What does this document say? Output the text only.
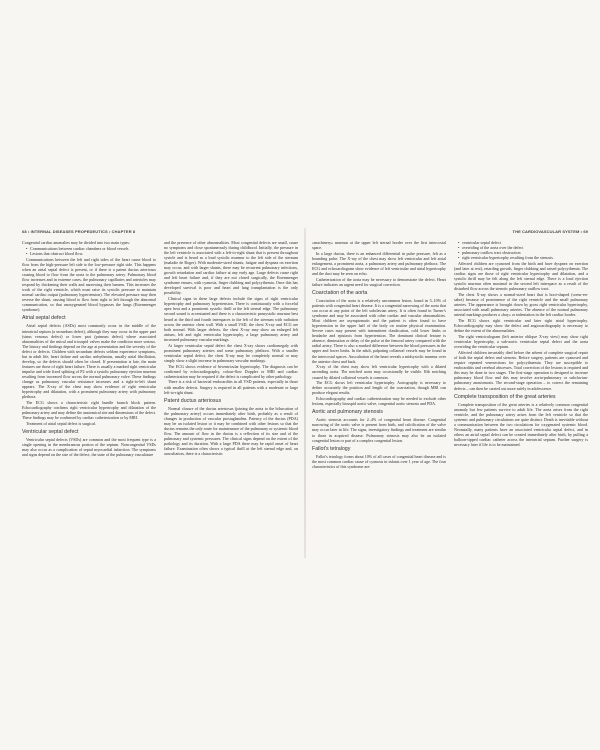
68 • INTERNAL DISEASES PROPEDEUTICS • CHAPTER 8

Congenital cardiac anomalies may be divided into two main types:

• Communications between cardiac chambers or blood vessels
• Lesions that obstruct blood flow.

Communications between the left and right sides of the heart cause blood to flow from the high-pressure left side to the low-pressure right side. This happens when an atrial septal defect is present, or if there is a patent ductus arteriosus causing blood to flow from the aorta to the pulmonary artery. Pulmonary blood flow increases and in extreme cases, the pulmonary capillaries and arterioles may respond by thickening their walls and narrowing their lumens. This increases the work of the right ventricle, which must raise its systolic pressure to maintain normal cardiac output (pulmonary hypertension). The elevated pressure may then reverse the shunt, causing blood to flow from right to left through the abnormal communication, so that unoxygenated blood bypasses the lungs (Eisenmenger syndrome).

Atrial septal defect

Atrial septal defects (ASDs) most commonly occur in the middle of the interatrial septum (a secundum defect), although they may occur in the upper part (sinus venosus defect) or lower part (primum defect) where associated abnormalities of the mitral and tricuspid valves make the condition more serious. The history and findings depend on the age at presentation and the severity of the defect or defects. Children with secundum defects seldom experience symptoms, but in adult life, heart failure and cardiac arrhythmias, usually atrial fibrillation, develop, so the defects should often be closed. If presentation is late, the main features are those of right heart failure. There is usually a marked right ventricular impulse and wide fixed splitting of P2 with a systolic pulmonary ejection murmur resulting from increased flow across the normal pulmonary valve. These findings change as pulmonary vascular resistance increases and a right-to-left shunt appears. The X-ray of the chest may show evidence of right ventricular hypertrophy and dilatation, with a prominent pulmonary artery with pulmonary plethora.

The ECG shows a characteristic right bundle branch block pattern. Echocardiography confirms right ventricular hypertrophy and dilatation of the pulmonary artery and may define the anatomical site and dimensions of the defect. These findings may be confirmed by cardiac catheterization or by MRI.

Treatment of atrial septal defect is surgical.

Ventricular septal defect

Ventricular septal defects (VSDs) are common and the most frequent type is a single opening in the membranous portion of the septum. Noncongenital VSDs may also occur as a complication of septal myocardial infarction. The symptoms and signs depend on the size of the defect, the state of the pulmonary vasculature

and the presence of other abnormalities. Most congenital defects are small, cause no symptoms and close spontaneously during childhood. Initially, the pressure in the left ventricle is associated with a left-to-right shunt that is present throughout systole and is heard as a loud systolic murmur to the left side of the sternum (maladie de Roger). With moderate-sized shunts, fatigue and dyspnea on exertion may occur, and with larger shunts, there may be recurrent pulmonary infections, growth retardation and cardiac failure at any early age. Large defects cause right and left heart failure and, if they are not closed surgically, the Eisenmenger syndrome ensues, with cyanosis, finger clubbing and polycythemia. Once this has developed survival is poor and heart and lung transplantation is the only possibility.

Clinical signs in these large defects include the signs of right ventricular hypertrophy and pulmonary hypertension. There is continuously with a forceful apex beat and a prominent systolic thrill at the left sternal edge. The pulmonary second sound is accentuated and there is a characteristic pansystolic murmur best heard at the third and fourth interspaces to the left of the sternum with radiation across the anterior chest wall. With a small VSD, the chest X-ray and ECG are both normal. With larger defects, the chest X-ray may show an enlarged left atrium, left and right ventricular hypertrophy, a large pulmonary artery and increased pulmonary vascular markings.

At larger ventricular septal defect the chest X-ray shows cardiomegaly with prominent pulmonary arteries and some pulmonary plethora. With a smaller ventricular septal defect, the chest X-ray may be completely normal or may simply show a slight increase in pulmonary vascular markings.

The ECG shows evidence of biventricular hypertrophy. The diagnosis can be confirmed by echocardiography, colour-flow Doppler or MRI and cardiac catheterization may be required if the defect is complicated by other pathology.

There is a risk of bacterial endocarditis in all VSD patients, especially in those with smaller defects. Surgery is required in all patients with a moderate or large left-to-right shunt.

Patent ductus arteriosus

Normal closure of the ductus arteriosus (joining the aorta to the bifurcation of the pulmonary artery) occurs immediately after birth, probably as a result of changes in production of vascular prostaglandins. Patency of the ductus (PDA) may be an isolated lesion or it may be combined with other lesions so that the ductus remains the only route for maintenance of the pulmonary or systemic blood flow. The amount of flow in the ductus is a reflection of its size and of the pulmonary and systemic pressures. The clinical signs depend on the extent of the pathology and its duration. With a large PDA there may be rapid onset of heart failure. Examination often shows a typical thrill at the left sternal edge and, on auscultation, there is a characteristic

THE CARDIOVASCULAR SYSTEM • 69

«machinery» murmur at the upper left sternal border over the first intercostal space.

In a large ductus, there is an enhanced differential in pulse pressure, felt as a bounding pulse. The X-ray of the chest may show left ventricular and left atrial enlargement, a prominent aorta, a pulmonary artery and pulmonary plethora. The ECG and echocardiogram show evidence of left ventricular and atrial hypertrophy and the duct may be seen on echo.

Catheterization of the aorta may be necessary to demonstrate the defect. Heart failure indicates an urgent need for surgical correction.

Coarctation of the aorta

Coarctation of the aorta is a relatively uncommon lesion, found in 5–10% of patients with congenital heart disease. It is a congenital narrowing of the aorta that can occur at any point of the left subclavian artery. It is often found in Turner's syndrome and may be associated with other cardiac and vascular abnormalities. Most children are asymptomatic and the patient is often found to have hypertension in the upper half of the body on routine physical examination. Severe cases may present with intermittent claudication, cold lower limbs or headache and epistaxis from hypertension. The dominant clinical feature is absence, diminution or delay of the pulse at the femoral artery compared with the radial artery. There is also a marked difference between the blood pressures in the upper and lower limbs. In the adult, palpating collateral vessels may be found in the intercostal spaces. Auscultation of the heart reveals a midsystolic murmur over the anterior chest and back.

X-ray of the chest may show left ventricular hypertrophy with a dilated ascending aorta. The notched aorta may occasionally be visible. Rib notching caused by dilated collateral vessels is common.

The ECG shows left ventricular hypertrophy. Aortography is necessary to define accurately the position and length of the coarctation, though MRI can produce elegant results.

Echocardiography and cardiac catheterization may be needed to exclude other lesions, especially bicuspid aortic valve, congenital aortic stenosis and PDA.

Aortic and pulmonary stenosis

Aortic stenosis accounts for 2–4% of congenital heart disease. Congenital narrowing of the aortic valve is present from birth, and calcification of the valve may occur later in life. The signs, investigatory findings and treatment are similar to those in acquired disease. Pulmonary stenosis may also be an isolated congenital lesion or part of a complex congenital lesion.

Fallot's tetralogy

Fallot's tetralogy forms about 10% of all cases of congenital heart disease and is the most common cardiac cause of cyanosis in infants over 1 year of age. The four characteristics of this syndrome are:

• ventricular septal defect
• overriding of the aorta over the defect
• pulmonary outflow tract obstruction
• right ventricular hypertrophy resulting from the stenosis.

Affected children are cyanosed from the birth and have dyspnea on exertion (and later at rest), retarding growth, finger clubbing and raised polycythemia. The cardiac signs are those of right ventricular hypertrophy and dilatation, and a systolic thrill may be felt along the left sternal edge. There is a loud ejection systolic murmur often maximal in the second left interspace as a result of the disturbed flow across the stenotic pulmonary outflow tract.

The chest X-ray shows a normal-sized heart that is boot-shaped (coeur-en-sabot) because of prominence of the right ventricle and the small pulmonary arteries. The appearance is brought down by gross right ventricular hypertrophy, associated with small pulmonary arteries. The absence of the normal pulmonary arterial markings produces a «bay» or indentation in the left cardiac border.

The ECG shows right ventricular and later right atrial hypertrophy. Echocardiography may show the defect and angiocardiography is necessary to define the extent of the abnormalities.

The right ventriculogram (left anterior oblique X-ray view) may show right ventricular hypertrophy, a sub-aortic ventricular septal defect and the aorta overriding the ventricular septum.

Affected children invariably died before the advent of complete surgical repair of both the septal defect and stenosis. Before surgery, patients are cyanosed and require repeated venesections for polycythaemia. They are susceptible to endocarditis and cerebral abscesses. Total correction of the lesions is required and this may be done in two stages. The first-stage operation is designed to increase pulmonary blood flow and this may involve aorta-pulmonary or subclavian-pulmonary anastomosis. The second-stage operation – to correct the remaining defects – can then be carried out more safely in adolescence.

Complete transposition of the great arteries

Complete transposition of the great arteries is a relatively common congenital anomaly but few patients survive to adult life. The aorta arises from the right ventricle, and the pulmonary artery arises from the left ventricle so that the systemic and pulmonary circulations are quite distinct. Death is inevitable without a communication between the two circulations for oxygenated systemic blood. Neonatally, many patients have an associated ventricular septal defect, and in others an atrial septal defect can be created immediately after birth, by pulling a balloon-tipped cardiac catheter across the interatrial septum. Further surgery is necessary later if life is to be maintained.
